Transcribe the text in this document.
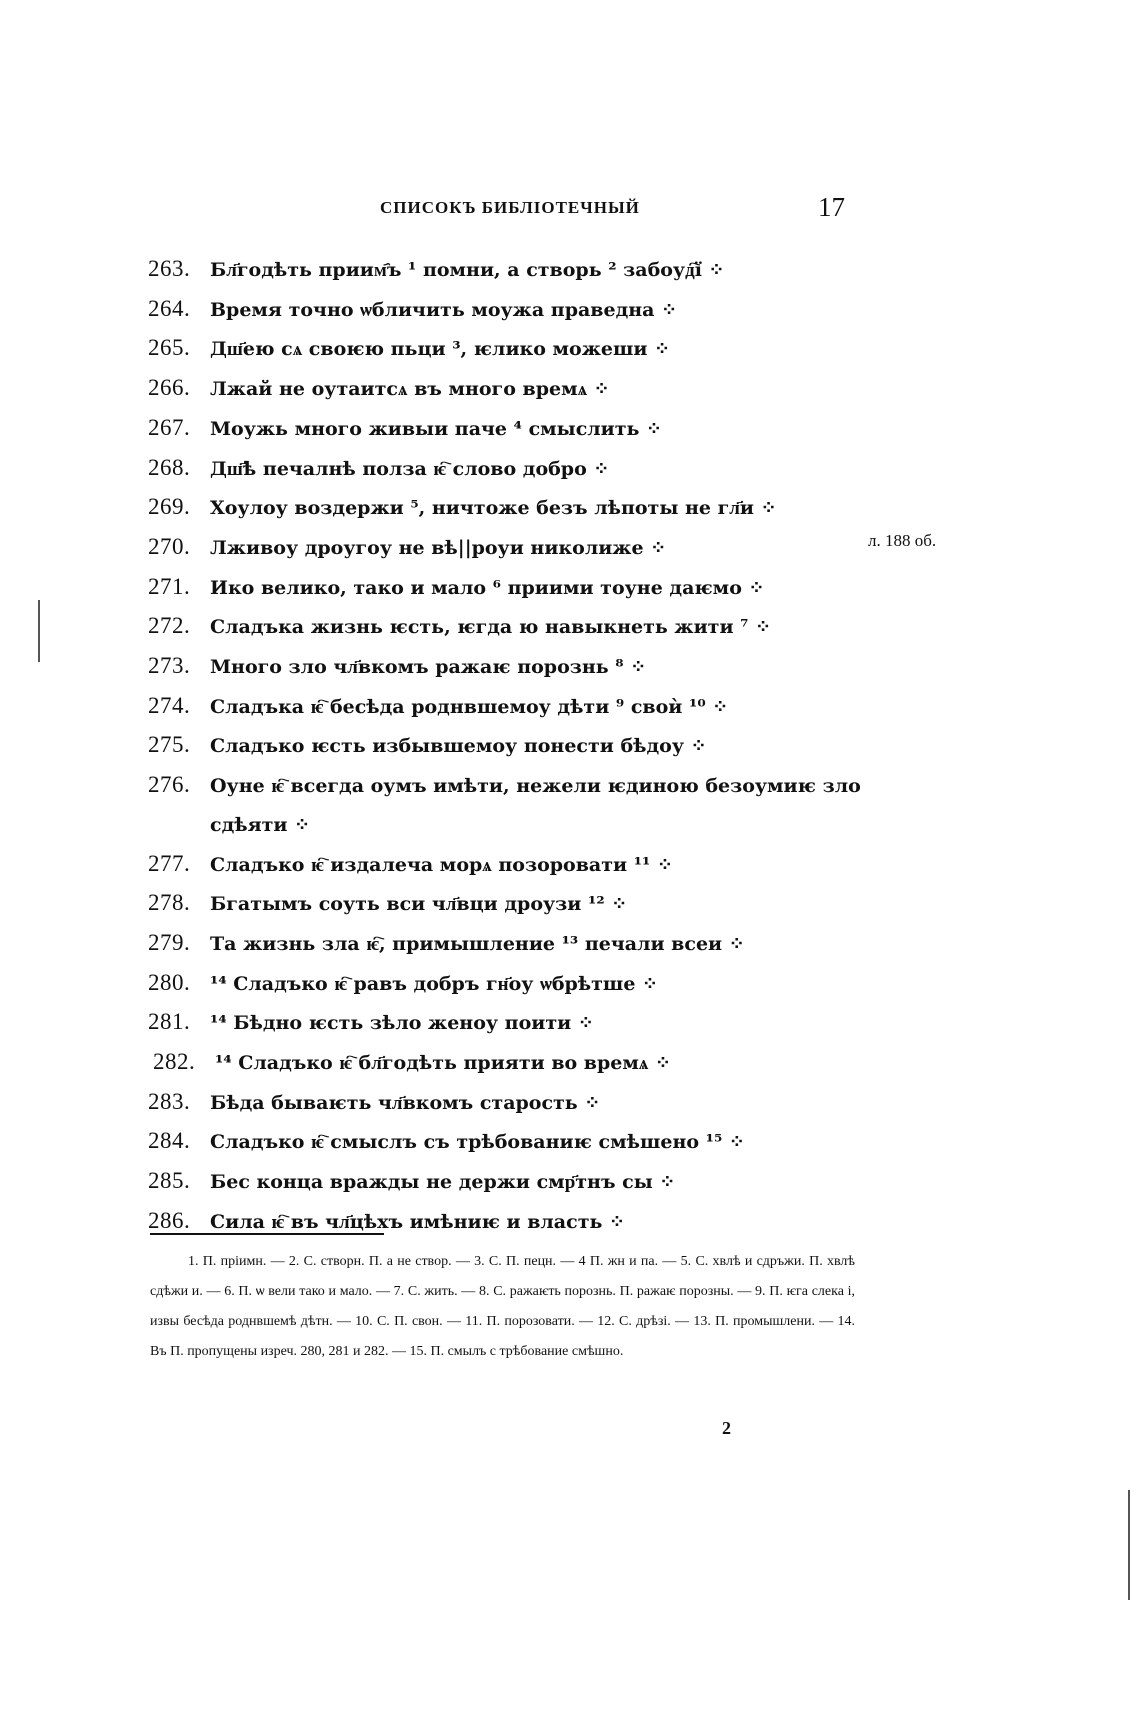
СПИСОКЪ БИБЛІОТЕЧНЫЙ	17
263.	Бл҃годѣть приим҄ъ ¹ помни, а створь ² забоуд҇ї ⁘
264.	Время точно ѡбличить моужа праведна ⁘
265.	Дш҃ею сѧ своѥю пьци ³, ѥлико можеши ⁘
266.	Лжай не оутаитсѧ въ много времѧ ⁘
267.	Моужь много живыи паче ⁴ смыслить ⁘
268.	Дш҃ѣ печалнѣ полза ѥ҇ слово добро ⁘
269.	Хоулоу воздержи ⁵, ничтоже безъ лѣпоты не гл҃и ⁘
270.	Лживоу дроугоу не вѣ||роуи николиже ⁘
271.	Ико велико, тако и мало ⁶ приими тоуне даѥмо ⁘
272.	Сладъка жизнь ѥсть, ѥгда ю навыкнеть жити ⁷ ⁘
273.	Много зло чл҃вкомъ ражаѥ порознь ⁸ ⁘
274.	Сладъка ѥ҇ бесѣда роднвшемоу дѣти ⁹ своѝ ¹⁰ ⁘
275.	Сладъко ѥсть избывшемоу понести бѣдоу ⁘
276.	Оуне ѥ҇ всегда оумъ имѣти, нежели ѥдиною безоумиѥ зло
сдѣяти ⁘
277.	Сладъко ѥ҇ издалеча морѧ позоровати ¹¹ ⁘
278.	Бгатымъ соуть вси чл҃вци дроузи ¹² ⁘
279.	Та жизнь зла ѥ҇, примышление ¹³ печали всеи ⁘
280.	¹⁴ Сладъко ѥ҇ равъ добръ гн҃оу ѡбрѣтше ⁘
281.	¹⁴ Бѣдно ѥсть зѣло женоу поити ⁘
282.	¹⁴ Сладъко ѥ҇ бл҃годѣть прияти во времѧ ⁘
283.	Бѣда бываѥть чл҃вкомъ старость ⁘
284.	Сладъко ѥ҇ смыслъ съ трѣбованиѥ смѣшено ¹⁵ ⁘
285.	Бес конца вражды не держи смр҃тнъ сы ⁘
286.	Сила ѥ҇ въ чл҃цѣхъ имѣниѥ и власть ⁘
л. 188 об.
1. П. пріимн. — 2. С. створн. П. а не створ. — 3. С. П. пецн. — 4 П. жн и па. — 5. С. хвлѣ и сдръжи. П. хвлѣ сдѣжи и. — 6. П. ѡ вели тако и мало. — 7. С. жить. — 8. С. ражаѥть порознь. П. ражаѥ порозны. — 9. П. ѥга слека і, извы бесѣда роднвшемѣ дѣтн. — 10. С. П. свон. — 11. П. порозовати. — 12. С. дрѣзі. — 13. П. промышлени. — 14. Въ П. пропущены изреч. 280, 281 и 282. — 15. П. смылъ с трѣбование смѣшно.
2
